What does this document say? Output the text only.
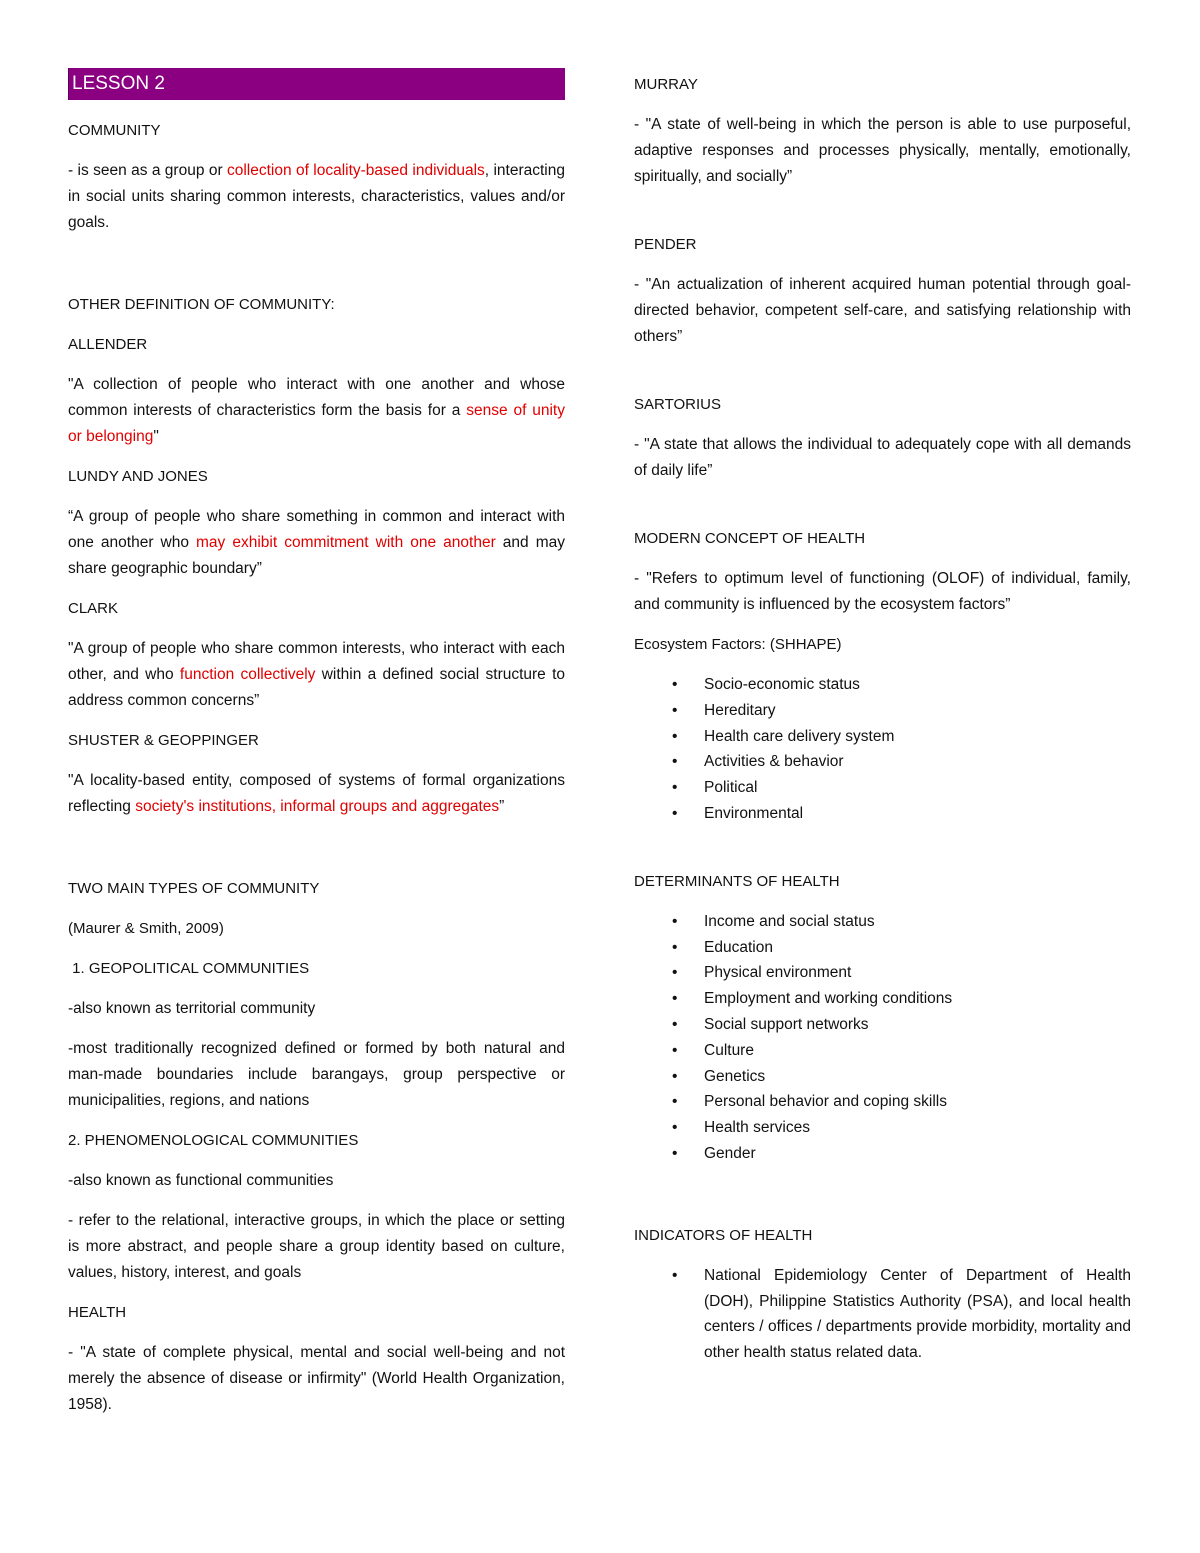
LESSON 2
COMMUNITY
- is seen as a group or collection of locality-based individuals, interacting in social units sharing common interests, characteristics, values and/or goals.
OTHER DEFINITION OF COMMUNITY:
ALLENDER
"A collection of people who interact with one another and whose common interests of characteristics form the basis for a sense of unity or belonging"
LUNDY AND JONES
“A group of people who share something in common and interact with one another who may exhibit commitment with one another and may share geographic boundary”
CLARK
"A group of people who share common interests, who interact with each other, and who function collectively within a defined social structure to address common concerns”
SHUSTER & GEOPPINGER
"A locality-based entity, composed of systems of formal organizations reflecting society's institutions, informal groups and aggregates”
TWO MAIN TYPES OF COMMUNITY
(Maurer & Smith, 2009)
1. GEOPOLITICAL COMMUNITIES
-also known as territorial community
-most traditionally recognized defined or formed by both natural and man-made boundaries include barangays, group perspective or municipalities, regions, and nations
2. PHENOMENOLOGICAL COMMUNITIES
-also known as functional communities
- refer to the relational, interactive groups, in which the place or setting is more abstract, and people share a group identity based on culture, values, history, interest, and goals
HEALTH
- "A state of complete physical, mental and social well-being and not merely the absence of disease or infirmity" (World Health Organization, 1958).
MURRAY
- "A state of well-being in which the person is able to use purposeful, adaptive responses and processes physically, mentally, emotionally, spiritually, and socially”
PENDER
- "An actualization of inherent acquired human potential through goal-directed behavior, competent self-care, and satisfying relationship with others”
SARTORIUS
- "A state that allows the individual to adequately cope with all demands of daily life”
MODERN CONCEPT OF HEALTH
- "Refers to optimum level of functioning (OLOF) of individual, family, and community is influenced by the ecosystem factors”
Ecosystem Factors: (SHHAPE)
• Socio-economic status
• Hereditary
• Health care delivery system
• Activities & behavior
• Political
• Environmental
DETERMINANTS OF HEALTH
• Income and social status
• Education
• Physical environment
• Employment and working conditions
• Social support networks
• Culture
• Genetics
• Personal behavior and coping skills
• Health services
• Gender
INDICATORS OF HEALTH
• National Epidemiology Center of Department of Health (DOH), Philippine Statistics Authority (PSA), and local health centers / offices / departments provide morbidity, mortality and other health status related data.
